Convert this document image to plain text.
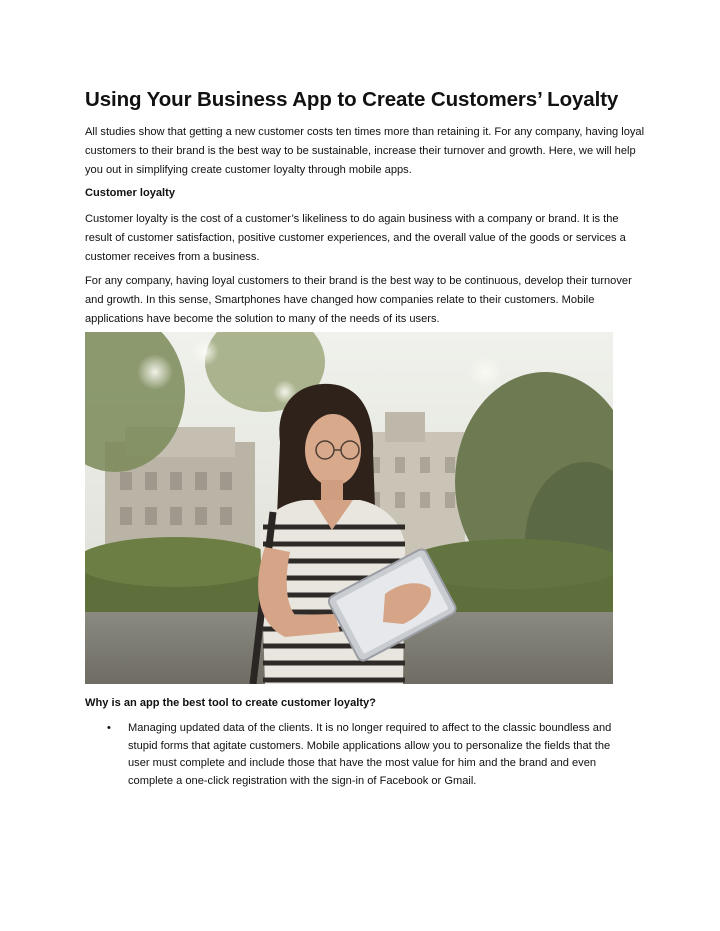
Using Your Business App to Create Customers’ Loyalty

All studies show that getting a new customer costs ten times more than retaining it. For any company, having loyal customers to their brand is the best way to be sustainable, increase their turnover and growth. Here, we will help you out in simplifying create customer loyalty through mobile apps.

Customer loyalty

Customer loyalty is the cost of a customer’s likeliness to do again business with a company or brand. It is the result of customer satisfaction, positive customer experiences, and the overall value of the goods or services a customer receives from a business.

For any company, having loyal customers to their brand is the best way to be continuous, develop their turnover and growth. In this sense, Smartphones have changed how companies relate to their customers. Mobile applications have become the solution to many of the needs of its users.

Why is an app the best tool to create customer loyalty?

•	Managing updated data of the clients. It is no longer required to affect to the classic boundless and stupid forms that agitate customers. Mobile applications allow you to personalize the fields that the user must complete and include those that have the most value for him and the brand and even complete a one-click registration with the sign-in of Facebook or Gmail.
